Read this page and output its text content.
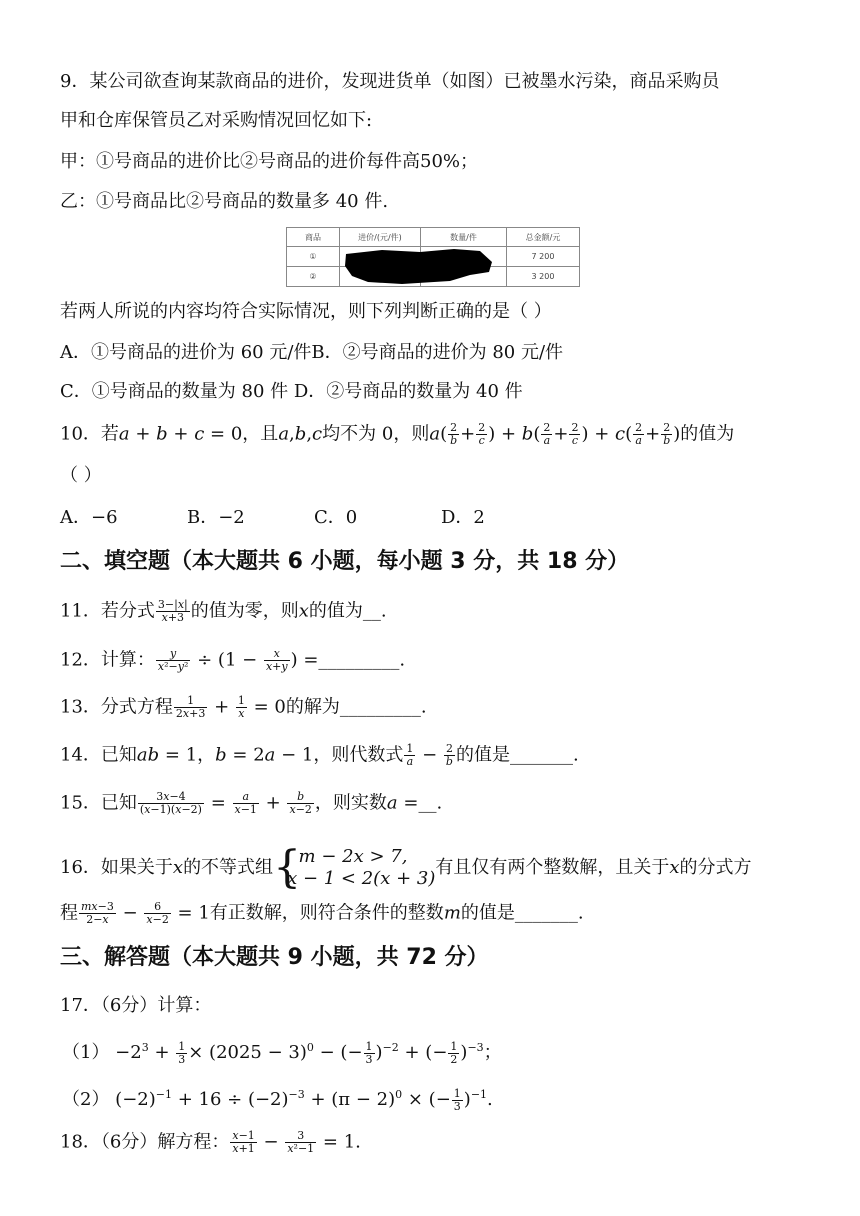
9．某公司欲查询某款商品的进价，发现进货单（如图）已被墨水污染，商品采购员
甲和仓库保管员乙对采购情况回忆如下:
甲：①号商品的进价比②号商品的进价每件高50%；
乙：①号商品比②号商品的数量多 40 件.
商品	进价/(元/件)	数量/件	总金额/元
①			7 200
②			3 200
若两人所说的内容均符合实际情况，则下列判断正确的是（ ）
A．①号商品的进价为 60 元/件B．②号商品的进价为 80 元/件
C．①号商品的数量为 80 件 D．②号商品的数量为 40 件
10．若a + b + c = 0，且a,b,c均不为 0，则$a( \frac{2}{b} + \frac{2}{c}$ ) + $b( \frac{2}{a} + \frac{2}{c}$ ) + $c( \frac{2}{a} + \frac{2}{b}$ )的值为
（ ）
A．−6	B．−2	C．0	D．2
二、填空题（本大题共 6 小题，每小题 3 分，共 18 分）
11．若分式 $\frac{3-|x|}{x+3}$ 的值为零，则x的值为__.
12．计算： $\frac{y}{\text{x²−y²}} \div (1 - \frac{x}{x+y}$ ) =_________.
13．分式方程 $\frac{1}{2x+3} + \frac{1}{x} = 0$的解为_________.
14．已知ab = 1，b = 2a − 1，则代数式 $\frac{1}{a} - \frac{2}{b}$ 的值是_______.
15．已知 $\frac{3x-4}{(x-1)(x-2)} = \frac{a}{x-1} + \frac{b}{x-2}$ ，则实数a =__.
16．如果关于x的不等式组
{ m − 2x > 7,
x − 1 < 2(x + 3)
有且仅有两个整数解，且关于x的分式方
程 $\frac{mx-3}{2-x} - \frac{6}{x-2} = 1$有正数解，则符合条件的整数m的值是_______.
三、解答题（本大题共 9 小题，共 72 分）
17．（6分）计算：
$(1) -2^3 + \frac{1}{3} \times (2025 - 3)^0$ − (− $\frac{1}{3} )^{-2}$ + (− $\frac{1}{2} )^{-3}$；
（2） $(-2)^{-1} + 16 \div (-2)^{-3} + (\pi - 2)^0$ × (− $\frac{1}{3} )^{-1}$.
18．（6分）解方程： $\frac{x-1}{x+1} - \frac{3}{\text{x²−1}} = 1$.
